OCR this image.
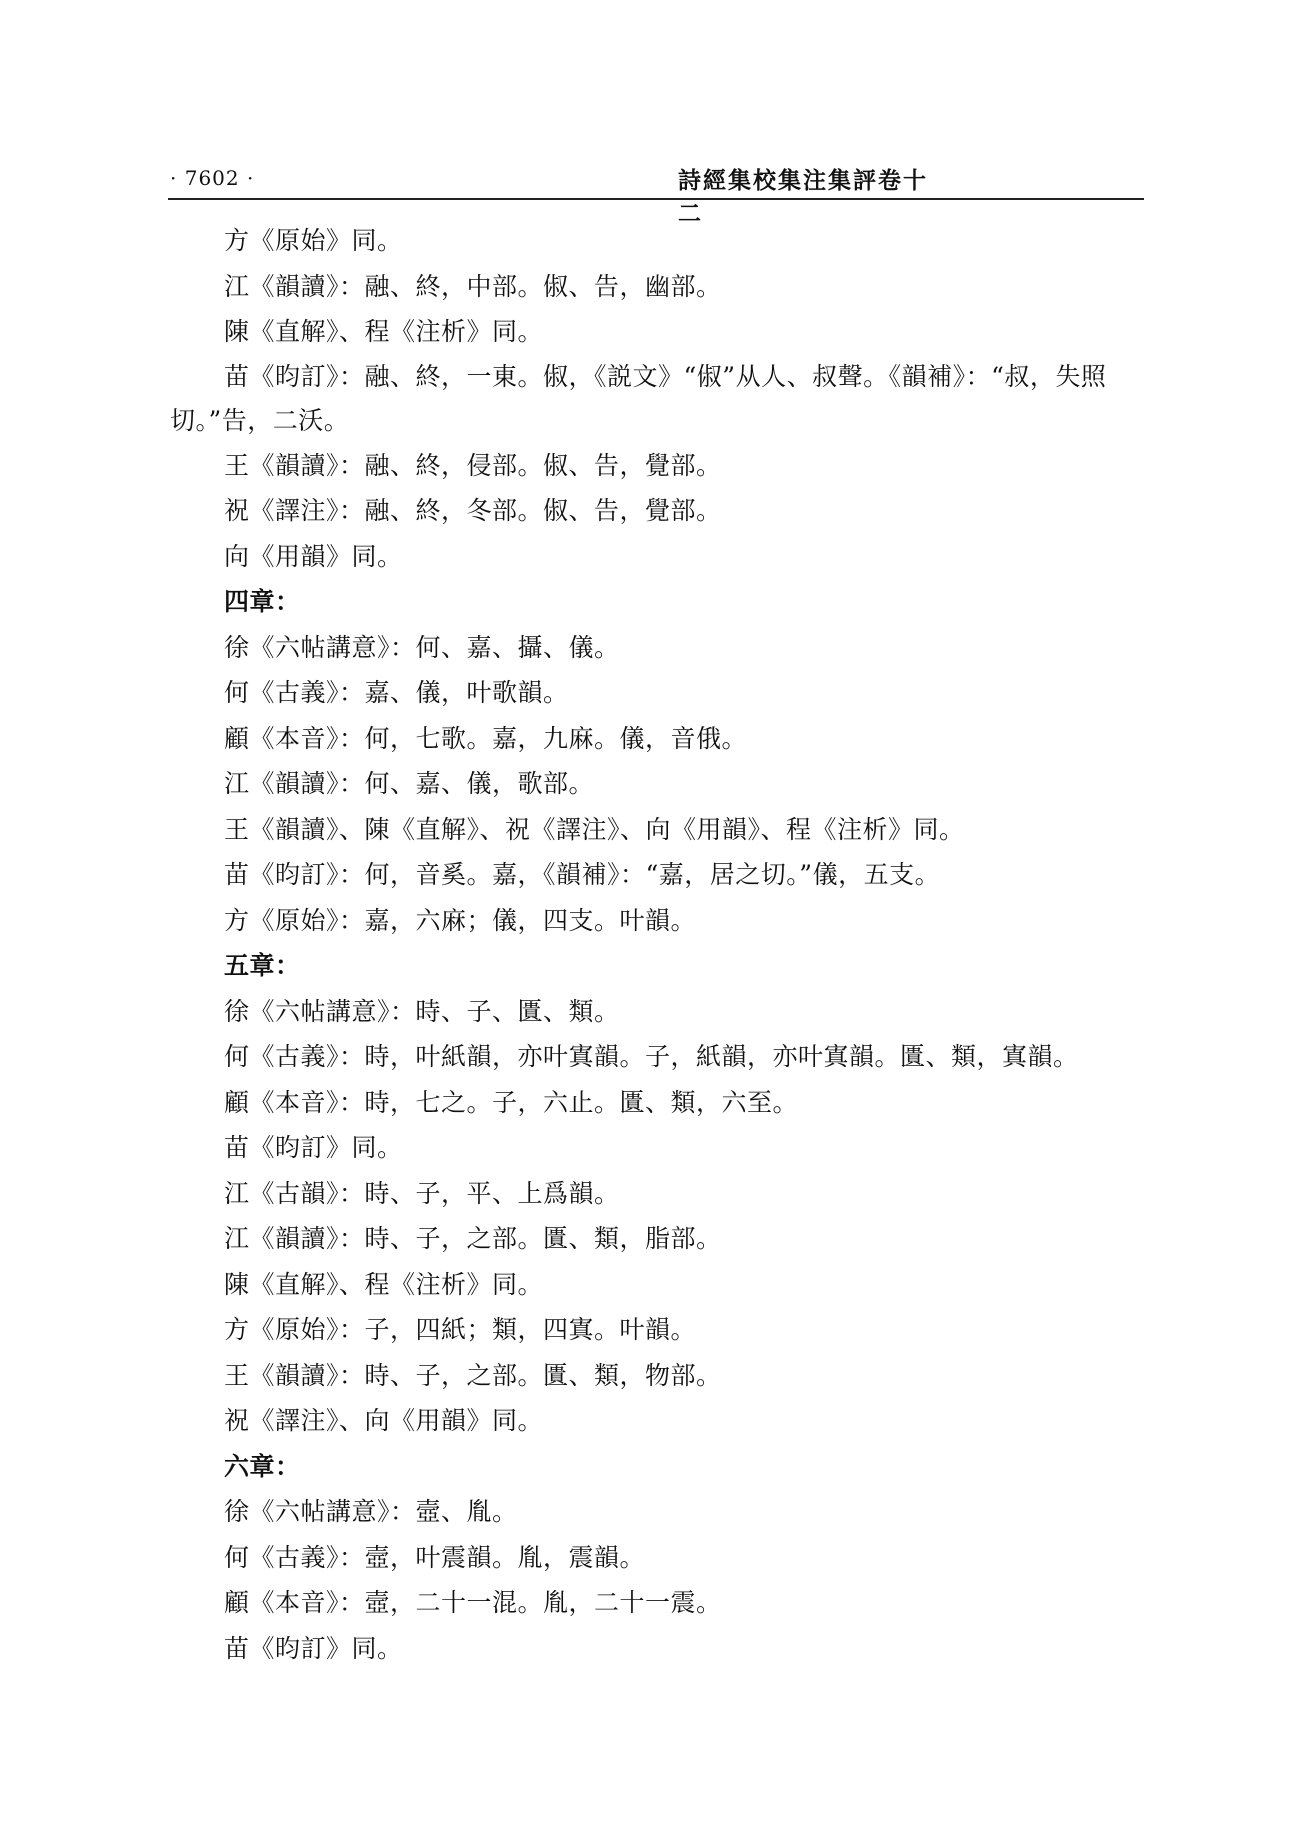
· 7602 ·	詩經集校集注集評卷十二

方《原始》同。

江《韻讀》：融、終，中部。俶、告，幽部。

陳《直解》、程《注析》同。

苗《昀訂》：融、終，一東。俶，《説文》“俶”从人、叔聲。《韻補》：“叔，失照切。”告，二沃。

王《韻讀》：融、終，侵部。俶、告，覺部。

祝《譯注》：融、終，冬部。俶、告，覺部。

向《用韻》同。

四章：

徐《六帖講意》：何、嘉、攝、儀。

何《古義》：嘉、儀，叶歌韻。

顧《本音》：何，七歌。嘉，九麻。儀，音俄。

江《韻讀》：何、嘉、儀，歌部。

王《韻讀》、陳《直解》、祝《譯注》、向《用韻》、程《注析》同。

苗《昀訂》：何，音奚。嘉，《韻補》：“嘉，居之切。”儀，五支。

方《原始》：嘉，六麻；儀，四支。叶韻。

五章：

徐《六帖講意》：時、子、匱、類。

何《古義》：時，叶紙韻，亦叶寘韻。子，紙韻，亦叶寘韻。匱、類，寘韻。

顧《本音》：時，七之。子，六止。匱、類，六至。

苗《昀訂》同。

江《古韻》：時、子，平、上爲韻。

江《韻讀》：時、子，之部。匱、類，脂部。

陳《直解》、程《注析》同。

方《原始》：子，四紙；類，四寘。叶韻。

王《韻讀》：時、子，之部。匱、類，物部。

祝《譯注》、向《用韻》同。

六章：

徐《六帖講意》：壼、胤。

何《古義》：壼，叶震韻。胤，震韻。

顧《本音》：壼，二十一混。胤，二十一震。

苗《昀訂》同。
